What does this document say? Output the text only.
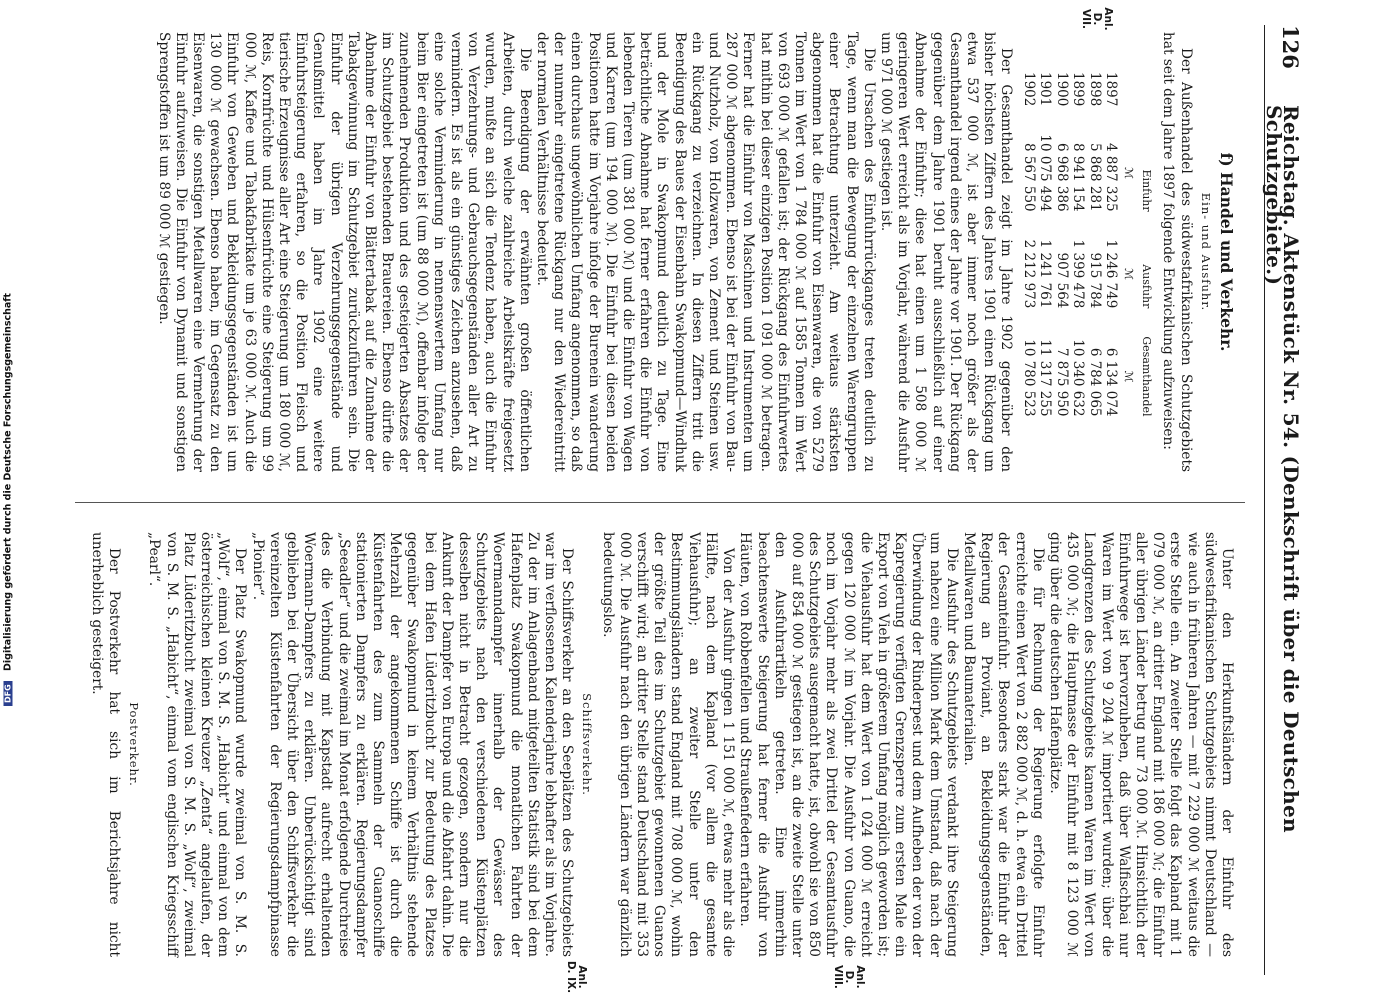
DFG Digitalisierung gefördert durch die Deutsche Forschungsgemeinschaft
126
Reichstag. Aktenstück Nr. 54. (Denkschrift über die Deutschen Schutzgebiete.)
f) Handel und Verkehr.
Ein- und Ausfuhr.
Anl. D. VII.

Der Außenhandel des südwestafrikanischen Schutzgebiets hat seit dem Jahre 1897 folgende Entwicklung aufzuweisen:

	Einfuhr	Ausfuhr	Gesamthandel
	ℳ	ℳ	ℳ
1897	4 887 325	1 246 749	6 134 074
1898	5 868 281	915 784	6 784 065
1899	8 941 154	1 399 478	10 340 632
1900	6 968 386	907 564	7 875 950
1901	10 075 494	1 241 761	11 317 255
1902	8 567 550	2 212 973	10 780 523

Der Gesamthandel zeigt im Jahre 1902 gegenüber den bisher höchsten Ziffern des Jahres 1901 einen Rückgang um etwa 537 000 ℳ, ist aber immer noch größer als der Gesamthandel irgend eines der Jahre vor 1901. Der Rückgang gegenüber dem Jahre 1901 beruht ausschließlich auf einer Abnahme der Einfuhr; diese hat einen um 1 508 000 ℳ geringeren Wert erreicht als im Vorjahr, während die Ausfuhr um 971 000 ℳ gestiegen ist.

Die Ursachen des Einfuhrrückganges treten deutlich zu Tage, wenn man die Bewegung der einzelnen Warengruppen einer Betrachtung unterzieht. Am weitaus stärksten abgenommen hat die Einfuhr von Eisenwaren, die von 5279 Tonnen im Wert von 1 784 000 ℳ auf 1585 Tonnen im Wert von 693 000 ℳ gefallen ist; der Rückgang des Einfuhrwertes hat mithin bei dieser einzigen Position 1 091 000 ℳ betragen. Ferner hat die Einfuhr von Maschinen und Instrumenten um 287 000 ℳ abgenommen. Ebenso ist bei der Einfuhr von Bau- und Nutzholz, von Holzwaren, von Zement und Steinen usw. ein Rückgang zu verzeichnen. In diesen Ziffern tritt die Beendigung des Baues der Eisenbahn Swakopmund—Windhuk und der Mole in Swakopmund deutlich zu Tage. Eine beträchtliche Abnahme hat ferner erfahren die Einfuhr von lebenden Tieren (um 381 000 ℳ) und die Einfuhr von Wagen und Karren (um 194 000 ℳ). Die Einfuhr bei diesen beiden Positionen hatte im Vorjahre infolge der Burenein wanderung einen durchaus ungewöhnlichen Umfang angenommen, so daß der nunmehr eingetretene Rückgang nur den Wiedereintritt der normalen Verhältnisse bedeutet.

Die Beendigung der erwähnten großen öffentlichen Arbeiten, durch welche zahlreiche Arbeitskräfte freigesetzt wurden, mußte an sich die Tendenz haben, auch die Einfuhr von Verzehrungs- und Gebrauchsgegenständen aller Art zu vermindern. Es ist als ein günstiges Zeichen anzusehen, daß eine solche Verminderung in nennenswertem Umfang nur beim Bier eingetreten ist (um 88 000 ℳ), offenbar infolge der zunehmenden Produktion und des gesteigerten Absatzes der im Schutzgebiet bestehenden Brauereien. Ebenso dürfte die Abnahme der Einfuhr von Blättertabak auf die Zunahme der Tabakgewinnung im Schutzgebiet zurückzuführen sein. Die Einfuhr der übrigen Verzehrungsgegenstände und Genußmittel haben im Jahre 1902 eine weitere Einfuhrsteigerung erfahren, so die Position Fleisch und tierische Erzeugnisse aller Art eine Steigerung um 180 000 ℳ, Reis, Kornfrüchte und Hülsenfrüchte eine Steigerung um 99 000 ℳ, Kaffee und Tabakfabrikate um je 63 000 ℳ. Auch die Einfuhr von Geweben und Bekleidungsgegenständen ist um 130 000 ℳ gewachsen. Ebenso haben, im Gegensatz zu den Eisenwaren, die sonstigen Metallwaren eine Vermehrung der Einfuhr aufzuweisen. Die Einfuhr von Dynamit und sonstigen Sprengstoffen ist um 89 000 ℳ gestiegen.

Unter den Herkunftsländern der Einfuhr des südwestafrikanischen Schutzgebiets nimmt Deutschland — wie auch in früheren Jahren — mit 7 229 000 ℳ weitaus die erste Stelle ein. An zweiter Stelle folgt das Kapland mit 1 079 000 ℳ, an dritter England mit 186 000 ℳ; die Einfuhr aller übrigen Länder betrug nur 73 000 ℳ. Hinsichtlich der Einfuhrwege ist hervorzuheben, daß über Walfischbai nur Waren im Wert von 9 204 ℳ importiert wurden; über die Landgrenzen des Schutzgebiets kamen Waren im Wert von 435 000 ℳ; die Hauptmasse der Einfuhr mit 8 123 000 ℳ ging über die deutschen Hafenplätze.

Die für Rechnung der Regierung erfolgte Einfuhr erreichte einen Wert von 2 882 000 ℳ, d. h. etwa ein Drittel der Gesamteinfuhr. Besonders stark war die Einfuhr der Regierung an Proviant, an Bekleidungsgegenständen, Metallwaren und Baumaterialien.

Die Ausfuhr des Schutzgebiets verdankt ihre Steigerung um nahezu eine Million Mark dem Umstand, daß nach der Überwindung der Rinderpest und dem Aufheben der von der Kapregierung verfügten Grenzsperre zum ersten Male ein Export von Vieh in größerem Umfang möglich geworden ist; die Viehausfuhr hat dem Wert von 1 024 000 ℳ erreicht gegen 120 000 ℳ im Vorjahr. Die Ausfuhr von Guano, die noch im Vorjahr mehr als zwei Drittel der Gesamtausfuhr des Schutzgebiets ausgemacht hatte, ist, obwohl sie von 850 000 auf 854 000 ℳ gestiegen ist, an die zweite Stelle unter den Ausfuhrartikeln getreten. Eine immerhin beachtenswerte Steigerung hat ferner die Ausfuhr von Häuten, von Robbenfellen und Straußenfedern erfahren.

Von der Ausfuhr gingen 1 151 000 ℳ, etwas mehr als die Hälfte, nach dem Kapland (vor allem die gesamte Viehausfuhr); an zweiter Stelle unter den Bestimmungsländern stand England mit 708 000 ℳ, wohin der größte Teil des im Schutzgebiet gewonnenen Guanos verschifft wird; an dritter Stelle stand Deutschland mit 353 000 ℳ. Die Ausfuhr nach den übrigen Ländern war gänzlich bedeutungslos.

Schiffsverkehr.
Anl. D. VIII.

Der Schiffsverkehr an den Seeplätzen des Schutzgebiets war im verflossenen Kalenderjahre lebhafter als im Vorjahre. Zu der im Anlagenband mitgeteilten Statistik sind bei dem Hafenplatz Swakopmund die monatlichen Fahrten der Woermanndampfer innerhalb der Gewässer des Schutzgebiets nach den verschiedenen Küstenplätzen desselben nicht in Betracht gezogen, sondern nur die Ankunft der Dampfer von Europa und die Abfahrt dahin. Die bei dem Hafen Lüderitzbucht zur Bedeutung des Platzes gegenüber Swakopmund in keinem Verhältnis stehende Mehrzahl der angekommenen Schiffe ist durch die Küstenfahrten des zum Sammeln der Guanoschiffe stationierten Dampfers zu erklären. Regierungsdampfer „Seeadler“ und die zweimal im Monat erfolgende Durchreise des die Verbindung mit Kapstadt aufrecht erhaltenden Woermann-Dampfers zu erklären. Unberücksichtigt sind geblieben bei der Übersicht über den Schiffsverkehr die vereinzelten Küstenfahrten der Regierungsdampfpinasse „Pionier“.

Der Platz Swakopmund wurde zweimal von S. M. S. „Wolf“, einmal von S. M. S. „Habicht“ und einmal von dem österreichischen kleinen Kreuzer „Zenta“ angelaufen, der Platz Lüderitzbucht zweimal von S. M. S. „Wolf“, zweimal von S. M. S. „Habicht“, einmal vom englischen Kriegsschiff „Pearl“.

Postverkehr.
Anl. D. IX.

Der Postverkehr hat sich im Berichtsjahre nicht unerheblich gesteigert.
